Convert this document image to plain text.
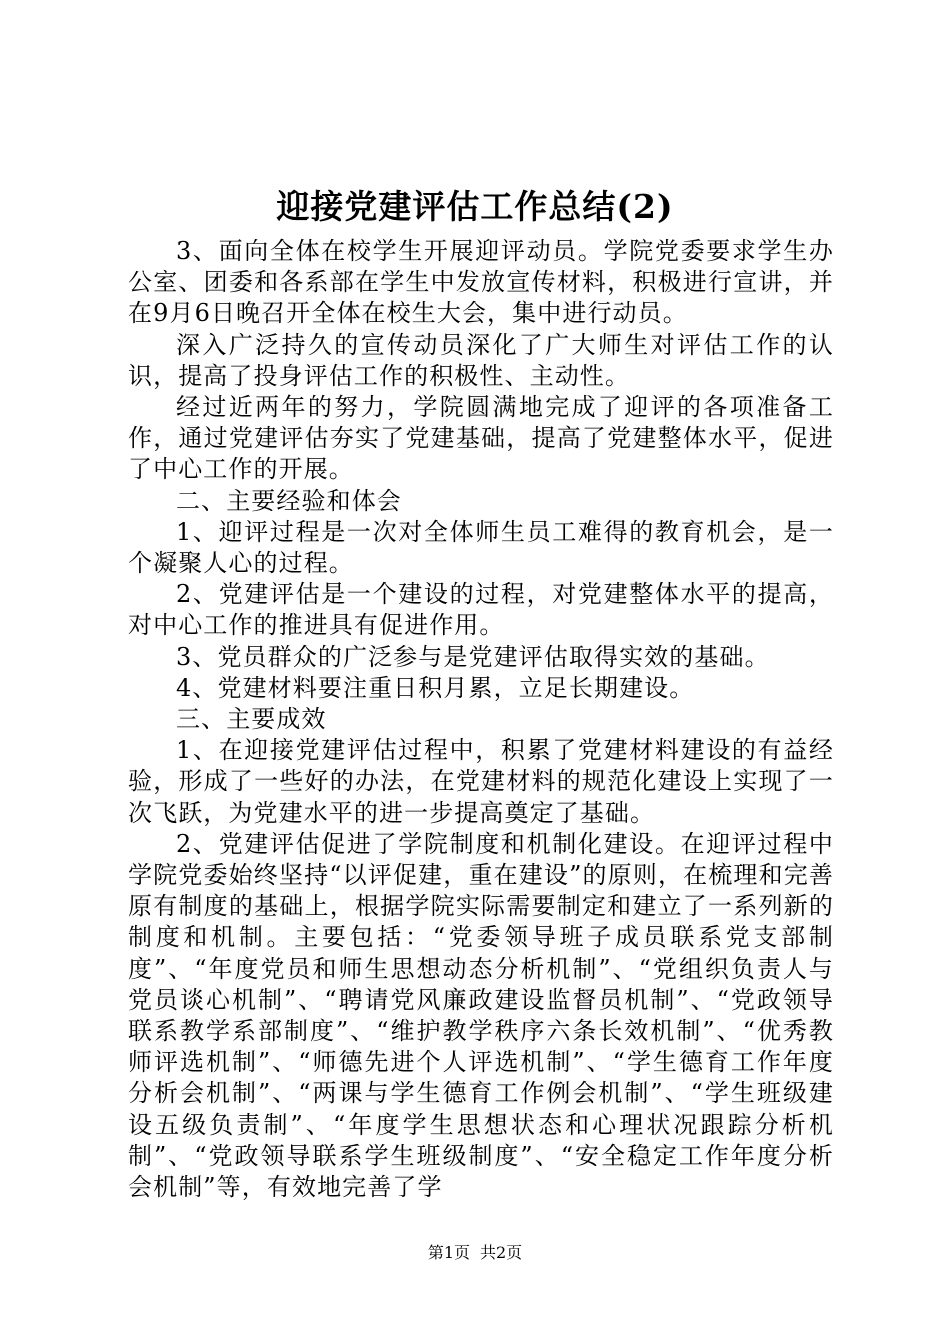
迎接党建评估工作总结(2)

3、面向全体在校学生开展迎评动员。学院党委要求学生办公室、团委和各系部在学生中发放宣传材料，积极进行宣讲，并在9月6日晚召开全体在校生大会，集中进行动员。

深入广泛持久的宣传动员深化了广大师生对评估工作的认识，提高了投身评估工作的积极性、主动性。

经过近两年的努力，学院圆满地完成了迎评的各项准备工作，通过党建评估夯实了党建基础，提高了党建整体水平，促进了中心工作的开展。

二、主要经验和体会

1、迎评过程是一次对全体师生员工难得的教育机会，是一个凝聚人心的过程。

2、党建评估是一个建设的过程，对党建整体水平的提高，对中心工作的推进具有促进作用。

3、党员群众的广泛参与是党建评估取得实效的基础。

4、党建材料要注重日积月累，立足长期建设。

三、主要成效

1、在迎接党建评估过程中，积累了党建材料建设的有益经验，形成了一些好的办法，在党建材料的规范化建设上实现了一次飞跃，为党建水平的进一步提高奠定了基础。

2、党建评估促进了学院制度和机制化建设。在迎评过程中学院党委始终坚持“以评促建，重在建设”的原则，在梳理和完善原有制度的基础上，根据学院实际需要制定和建立了一系列新的制度和机制。主要包括：“党委领导班子成员联系党支部制度”、“年度党员和师生思想动态分析机制”、“党组织负责人与党员谈心机制”、“聘请党风廉政建设监督员机制”、“党政领导联系教学系部制度”、“维护教学秩序六条长效机制”、“优秀教师评选机制”、“师德先进个人评选机制”、“学生德育工作年度分析会机制”、“两课与学生德育工作例会机制”、“学生班级建设五级负责制”、“年度学生思想状态和心理状况跟踪分析机制”、“党政领导联系学生班级制度”、“安全稳定工作年度分析会机制”等，有效地完善了学

第1页 共2页
